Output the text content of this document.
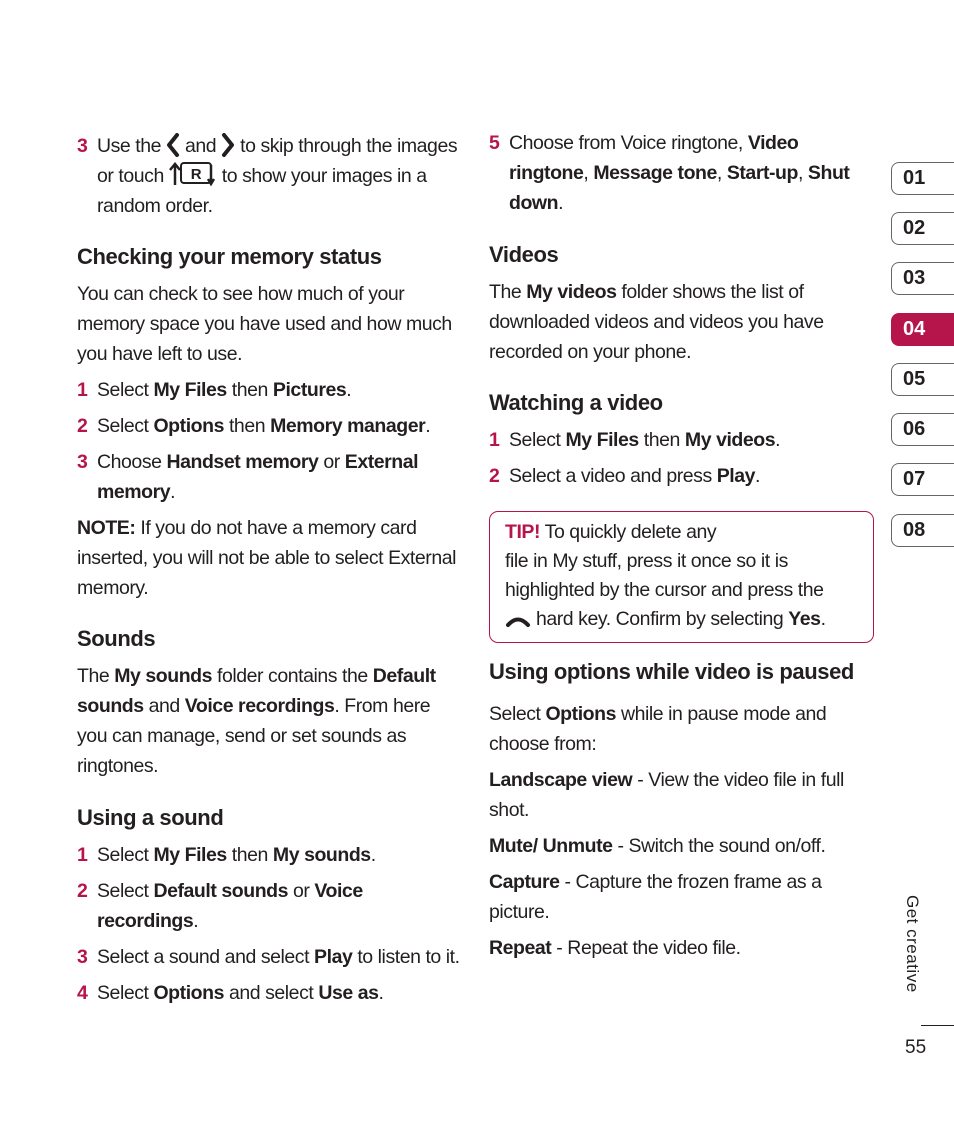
3 Use the  and  to skip through the images or touch R to show your images in a random order.

Checking your memory status

You can check to see how much of your memory space you have used and how much you have left to use.

1 Select My Files then Pictures.
2 Select Options then Memory manager.
3 Choose Handset memory or External memory.

NOTE: If you do not have a memory card inserted, you will not be able to select External memory.

Sounds

The My sounds folder contains the Default sounds and Voice recordings. From here you can manage, send or set sounds as ringtones.

Using a sound

1 Select My Files then My sounds.
2 Select Default sounds or Voice recordings.
3 Select a sound and select Play to listen to it.
4 Select Options and select Use as.
5 Choose from Voice ringtone, Video ringtone, Message tone, Start-up, Shut down.

Videos

The My videos folder shows the list of downloaded videos and videos you have recorded on your phone.

Watching a video

1 Select My Files then My videos.
2 Select a video and press Play.

TIP! To quickly delete any
file in My stuff, press it once so it is highlighted by the cursor and press the
hard key. Confirm by selecting Yes.

Using options while video is paused

Select Options while in pause mode and choose from:

Landscape view - View the video file in full shot.

Mute/ Unmute - Switch the sound on/off.

Capture - Capture the frozen frame as a picture.

Repeat - Repeat the video file.

01
02
03
04
05
06
07
08
Get creative
55
